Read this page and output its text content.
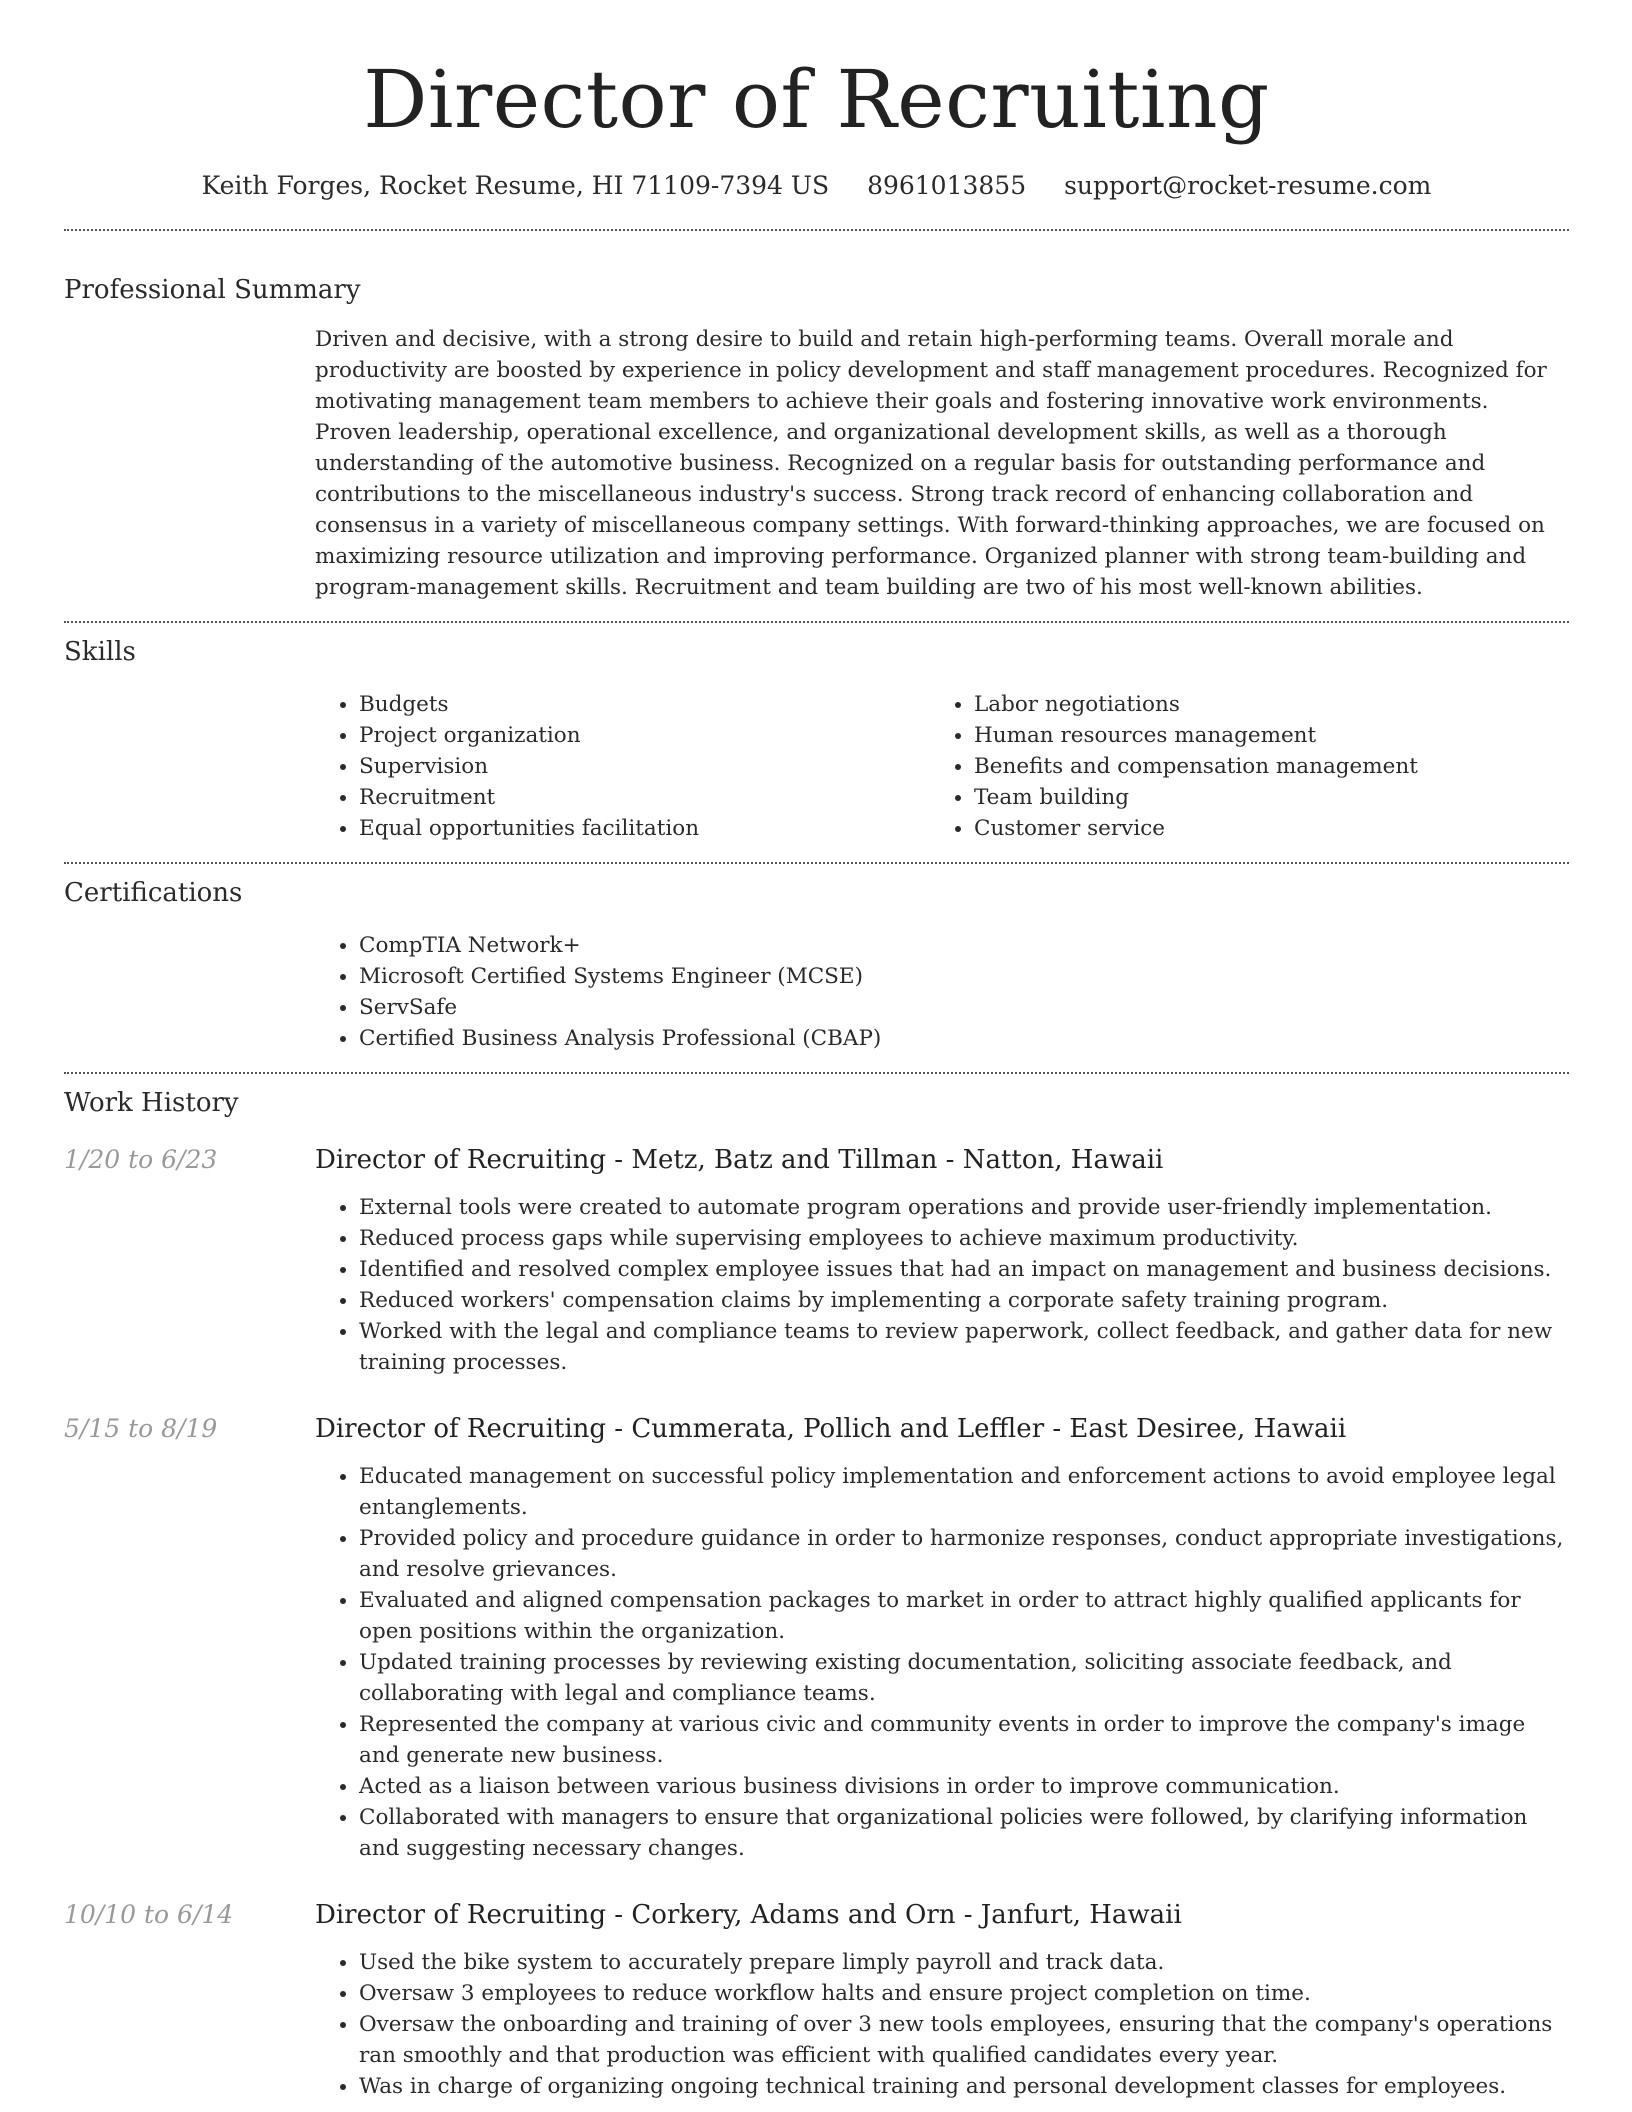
Director of Recruiting
Keith Forges, Rocket Resume, HI 71109-7394 US 8961013855 support@rocket-resume.com
Professional Summary

Driven and decisive, with a strong desire to build and retain high-performing teams. Overall morale and productivity are boosted by experience in policy development and staff management procedures. Recognized for motivating management team members to achieve their goals and fostering innovative work environments. Proven leadership, operational excellence, and organizational development skills, as well as a thorough understanding of the automotive business. Recognized on a regular basis for outstanding performance and contributions to the miscellaneous industry's success. Strong track record of enhancing collaboration and consensus in a variety of miscellaneous company settings. With forward-thinking approaches, we are focused on maximizing resource utilization and improving performance. Organized planner with strong team-building and program-management skills. Recruitment and team building are two of his most well-known abilities.

Skills
• Budgets
• Project organization
• Supervision
• Recruitment
• Equal opportunities facilitation
• Labor negotiations
• Human resources management
• Benefits and compensation management
• Team building
• Customer service
Certifications
• CompTIA Network+
• Microsoft Certified Systems Engineer (MCSE)
• ServSafe
• Certified Business Analysis Professional (CBAP)
Work History
1/20 to 6/23	Director of Recruiting - Metz, Batz and Tillman - Natton, Hawaii
• External tools were created to automate program operations and provide user-friendly implementation.
• Reduced process gaps while supervising employees to achieve maximum productivity.
• Identified and resolved complex employee issues that had an impact on management and business decisions.
• Reduced workers' compensation claims by implementing a corporate safety training program.
• Worked with the legal and compliance teams to review paperwork, collect feedback, and gather data for new training processes.
5/15 to 8/19	Director of Recruiting - Cummerata, Pollich and Leffler - East Desiree, Hawaii
• Educated management on successful policy implementation and enforcement actions to avoid employee legal entanglements.
• Provided policy and procedure guidance in order to harmonize responses, conduct appropriate investigations, and resolve grievances.
• Evaluated and aligned compensation packages to market in order to attract highly qualified applicants for open positions within the organization.
• Updated training processes by reviewing existing documentation, soliciting associate feedback, and collaborating with legal and compliance teams.
• Represented the company at various civic and community events in order to improve the company's image and generate new business.
• Acted as a liaison between various business divisions in order to improve communication.
• Collaborated with managers to ensure that organizational policies were followed, by clarifying information and suggesting necessary changes.
10/10 to 6/14	Director of Recruiting - Corkery, Adams and Orn - Janfurt, Hawaii
• Used the bike system to accurately prepare limply payroll and track data.
• Oversaw 3 employees to reduce workflow halts and ensure project completion on time.
• Oversaw the onboarding and training of over 3 new tools employees, ensuring that the company's operations ran smoothly and that production was efficient with qualified candidates every year.
• Was in charge of organizing ongoing technical training and personal development classes for employees.
